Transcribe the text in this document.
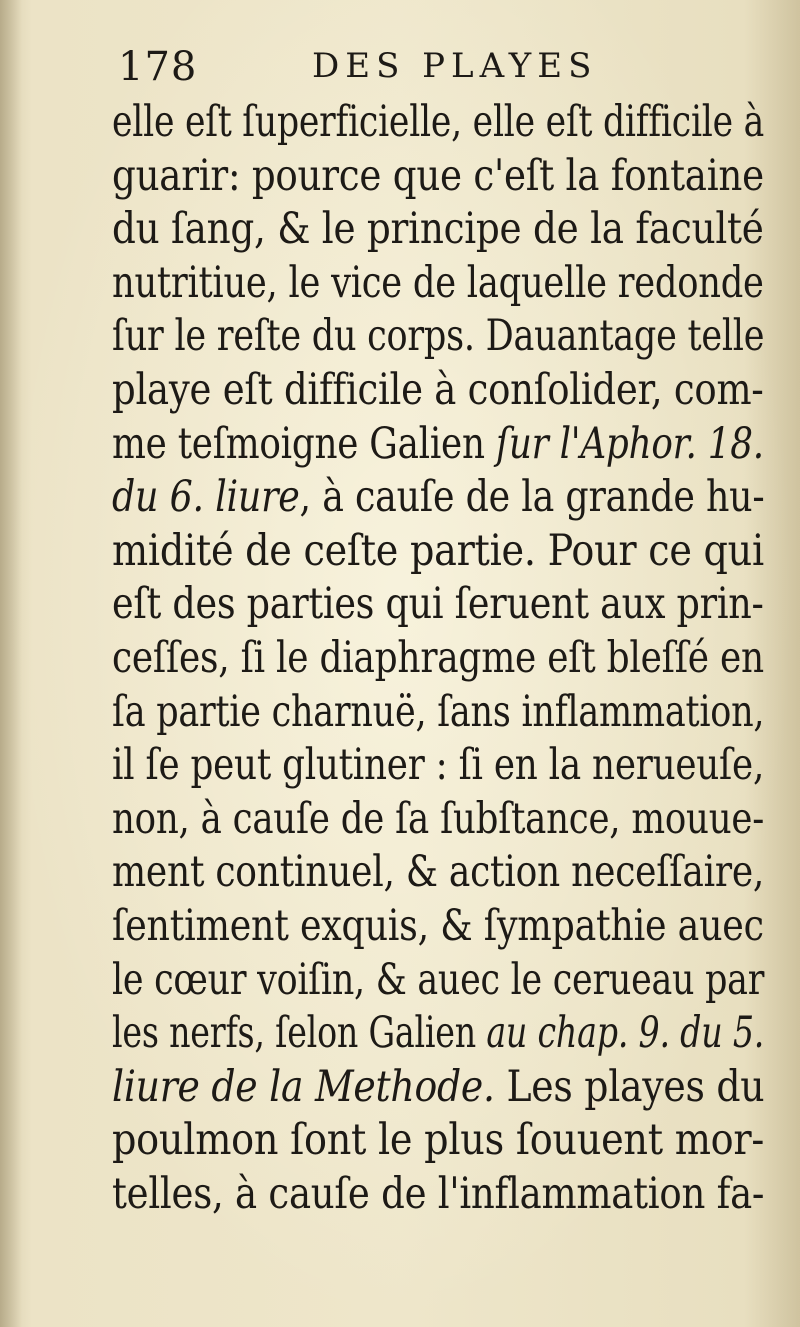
178	DES PLAYES
elle eſt ſuperficielle, elle eſt difficile à
guarir: pource que c'eſt la fontaine
du ſang, & le principe de la faculté
nutritiue, le vice de laquelle redonde
ſur le reſte du corps. Dauantage telle
playe eſt difficile à conſolider, com-
me teſmoigne Galien ſur l'Aphor. 18.
du 6. liure, à cauſe de la grande hu-
midité de ceſte partie. Pour ce qui
eſt des parties qui ſeruent aux prin-
ceſſes, ſi le diaphragme eſt bleſſé en
ſa partie charnuë, ſans inflammation,
il ſe peut glutiner : ſi en la nerueuſe,
non, à cauſe de ſa ſubſtance, mouue-
ment continuel, & action neceſſaire,
ſentiment exquis, & ſympathie auec
le cœur voiſin, & auec le cerueau par
les nerfs, ſelon Galien au chap. 9. du 5.
liure de la Methode. Les playes du
poulmon ſont le plus ſouuent mor-
telles, à cauſe de l'inflammation fa-
